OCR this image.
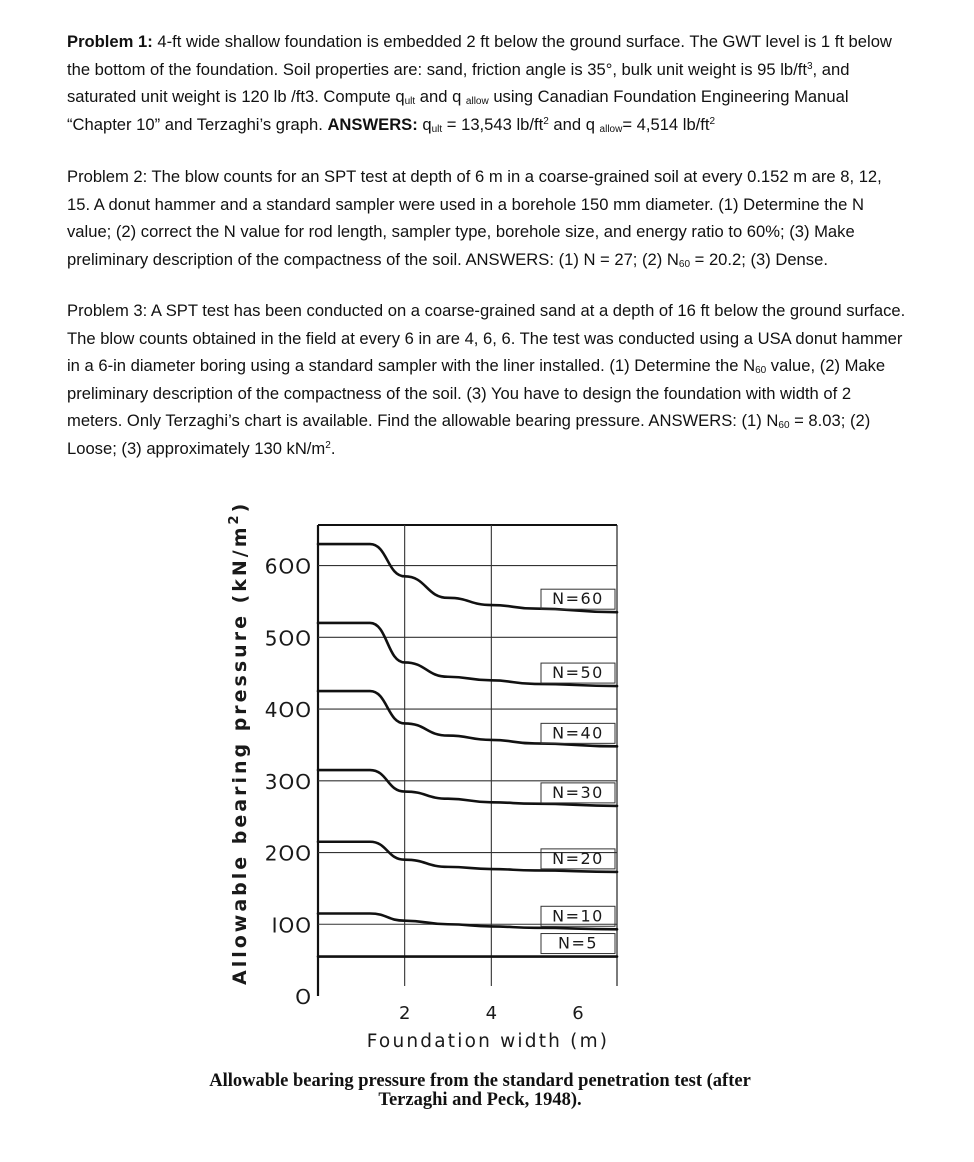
Problem 1: 4-ft wide shallow foundation is embedded 2 ft below the ground surface. The GWT level is 1 ft below the bottom of the foundation. Soil properties are: sand, friction angle is 35°, bulk unit weight is 95 $lb/ft^3$, and saturated unit weight is 120 lb /ft3. Compute $q_{ult}$ and q $_{allow}$ using Canadian Foundation Engineering Manual “Chapter 10” and Terzaghi’s graph. ANSWERS: $q_{ult} = 13,543$ $lb/ft^2$ and q $_{allow}$= 4,514 $lb/ft^2$

Problem 2: The blow counts for an SPT test at depth of 6 m in a coarse-grained soil at every 0.152 m are 8, 12, 15. A donut hammer and a standard sampler were used in a borehole 150 mm diameter. (1) Determine the N value; (2) correct the N value for rod length, sampler type, borehole size, and energy ratio to 60%; (3) Make preliminary description of the compactness of the soil. ANSWERS: (1) N = 27; (2) $N_{60} = 20.2$; (3) Dense.

Problem 3: A SPT test has been conducted on a coarse-grained sand at a depth of 16 ft below the ground surface. The blow counts obtained in the field at every 6 in are 4, 6, 6. The test was conducted using a USA donut hammer in a 6-in diameter boring using a standard sampler with the liner installed. (1) Determine the $N_{60}$ value, (2) Make preliminary description of the compactness of the soil. (3) You have to design the foundation with width of 2 meters. Only Terzaghi’s chart is available. Find the allowable bearing pressure. ANSWERS: (1) $N_{60} = 8.03$; (2) Loose; (3) approximately 130 $kN/m^2$.

N=60
N=50
N=40
N=30
N=20
N=10
N=5
O
IOO
2OO
3OO
4OO
5OO
6OO
2	4	6
Allowable bearing pressure $(kN/m^2)$
Foundation width (m)
Allowable bearing pressure from the standard penetration test (after
Terzaghi and Peck, 1948).
